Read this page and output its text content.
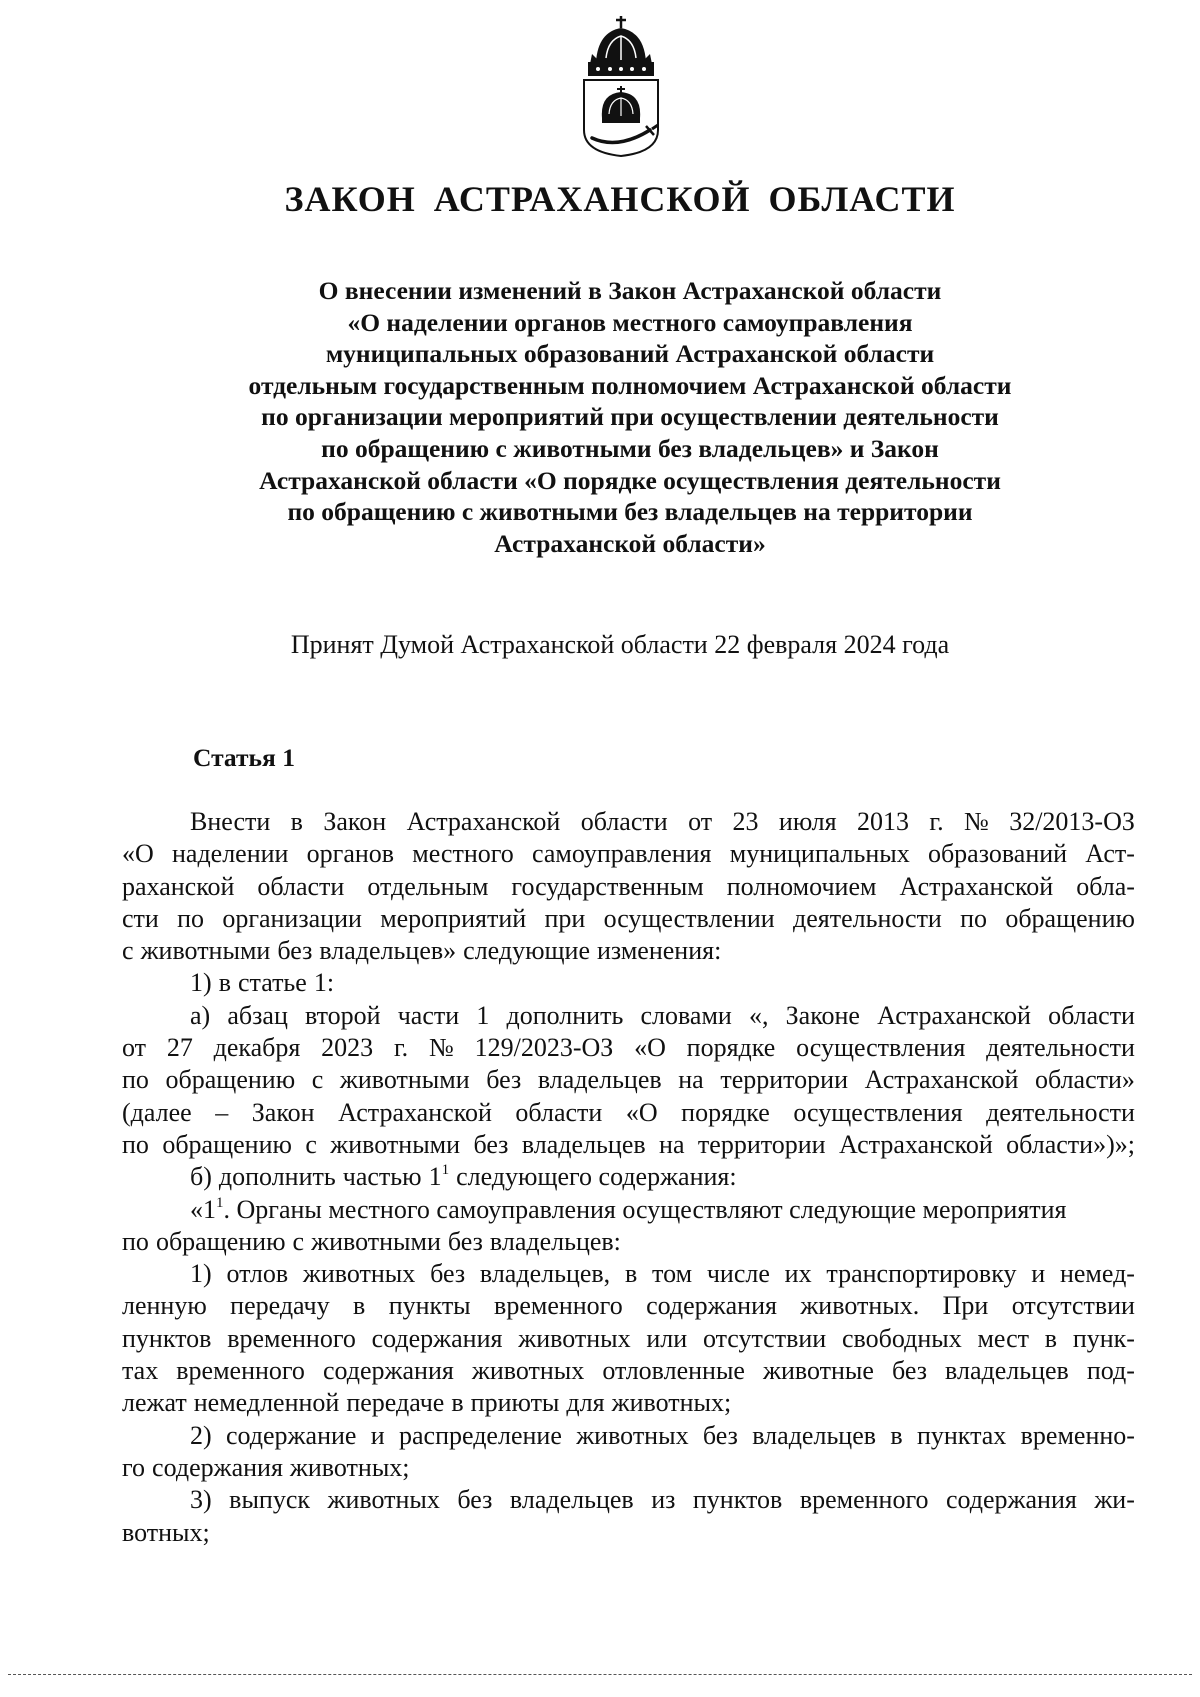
ЗАКОН АСТРАХАНСКОЙ ОБЛАСТИ
О внесении изменений в Закон Астраханской области
«О наделении органов местного самоуправления
муниципальных образований Астраханской области
отдельным государственным полномочием Астраханской области
по организации мероприятий при осуществлении деятельности
по обращению с животными без владельцев» и Закон
Астраханской области «О порядке осуществления деятельности
по обращению с животными без владельцев на территории
Астраханской области»
Принят Думой Астраханской области 22 февраля 2024 года
Статья 1
Внести в Закон Астраханской области от 23 июля 2013 г. № 32/2013-ОЗ
«О наделении органов местного самоуправления муниципальных образований Аст-
раханской области отдельным государственным полномочием Астраханской обла-
сти по организации мероприятий при осуществлении деятельности по обращению
с животными без владельцев» следующие изменения:
1) в статье 1:
а) абзац второй части 1 дополнить словами «, Законе Астраханской области
от 27 декабря 2023 г. № 129/2023-ОЗ «О порядке осуществления деятельности
по обращению с животными без владельцев на территории Астраханской области»
(далее – Закон Астраханской области «О порядке осуществления деятельности
по обращению с животными без владельцев на территории Астраханской области»)»;
б) дополнить частью $1^1$ следующего содержания:
«$1^1$. Органы местного самоуправления осуществляют следующие мероприятия
по обращению с животными без владельцев:
1) отлов животных без владельцев, в том числе их транспортировку и немед-
ленную передачу в пункты временного содержания животных. При отсутствии
пунктов временного содержания животных или отсутствии свободных мест в пунк-
тах временного содержания животных отловленные животные без владельцев под-
лежат немедленной передаче в приюты для животных;
2) содержание и распределение животных без владельцев в пунктах временно-
го содержания животных;
3) выпуск животных без владельцев из пунктов временного содержания жи-
вотных;
